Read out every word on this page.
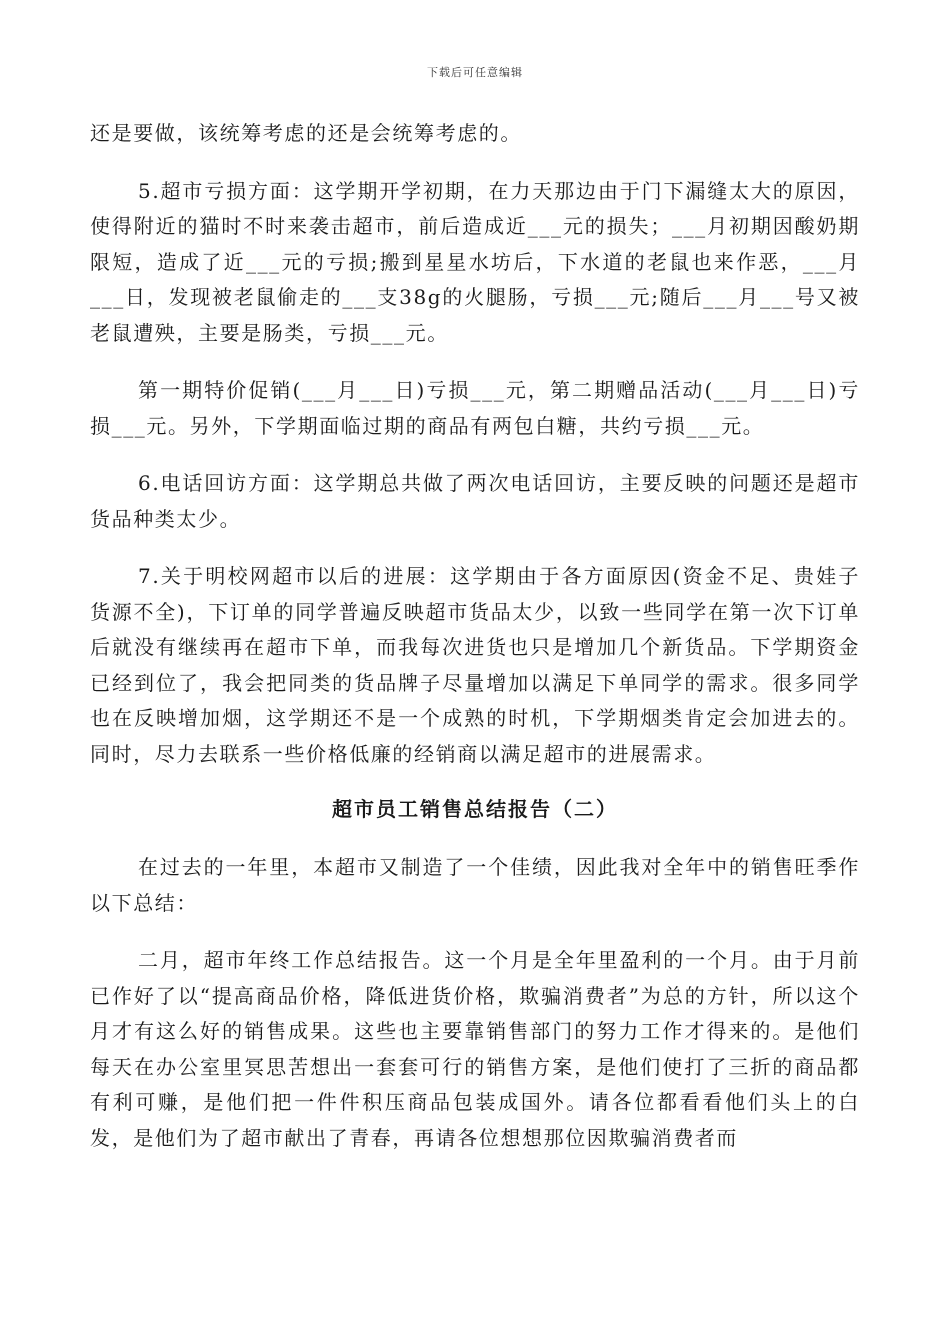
下载后可任意编辑

还是要做，该统筹考虑的还是会统筹考虑的。

5.超市亏损方面：这学期开学初期，在力天那边由于门下漏缝太大的原因，使得附近的猫时不时来袭击超市，前后造成近___元的损失；___月初期因酸奶期限短，造成了近___元的亏损;搬到星星水坊后，下水道的老鼠也来作恶，___月___日，发现被老鼠偷走的___支38g的火腿肠，亏损___元;随后___月___号又被老鼠遭殃，主要是肠类，亏损___元。

第一期特价促销(___月___日)亏损___元，第二期赠品活动(___月___日)亏损___元。另外，下学期面临过期的商品有两包白糖，共约亏损___元。

6.电话回访方面：这学期总共做了两次电话回访，主要反映的问题还是超市货品种类太少。

7.关于明校网超市以后的进展：这学期由于各方面原因(资金不足、贵娃子货源不全)，下订单的同学普遍反映超市货品太少，以致一些同学在第一次下订单后就没有继续再在超市下单，而我每次进货也只是增加几个新货品。下学期资金已经到位了，我会把同类的货品牌子尽量增加以满足下单同学的需求。很多同学也在反映增加烟，这学期还不是一个成熟的时机，下学期烟类肯定会加进去的。同时，尽力去联系一些价格低廉的经销商以满足超市的进展需求。

超市员工销售总结报告（二）

在过去的一年里，本超市又制造了一个佳绩，因此我对全年中的销售旺季作以下总结：

二月，超市年终工作总结报告。这一个月是全年里盈利的一个月。由于月前已作好了以“提高商品价格，降低进货价格，欺骗消费者”为总的方针，所以这个月才有这么好的销售成果。这些也主要靠销售部门的努力工作才得来的。是他们每天在办公室里冥思苦想出一套套可行的销售方案，是他们使打了三折的商品都有利可赚，是他们把一件件积压商品包装成国外。请各位都看看他们头上的白发，是他们为了超市献出了青春，再请各位想想那位因欺骗消费者而
